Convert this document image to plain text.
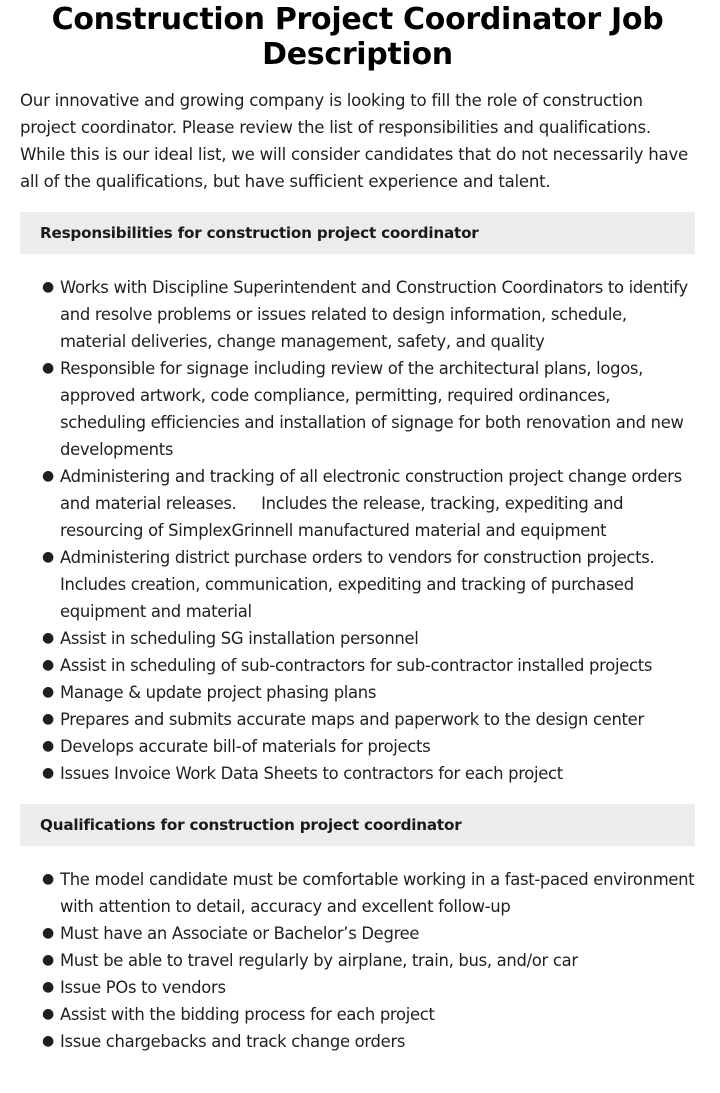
Construction Project Coordinator Job Description

Our innovative and growing company is looking to fill the role of construction project coordinator. Please review the list of responsibilities and qualifications. While this is our ideal list, we will consider candidates that do not necessarily have all of the qualifications, but have sufficient experience and talent.

Responsibilities for construction project coordinator
● Works with Discipline Superintendent and Construction Coordinators to identify and resolve problems or issues related to design information, schedule, material deliveries, change management, safety, and quality
● Responsible for signage including review of the architectural plans, logos, approved artwork, code compliance, permitting, required ordinances, scheduling efficiencies and installation of signage for both renovation and new developments
● Administering and tracking of all electronic construction project change orders and material releases.     Includes the release, tracking, expediting and resourcing of SimplexGrinnell manufactured material and equipment
● Administering district purchase orders to vendors for construction projects.  Includes creation, communication, expediting and tracking of purchased equipment and material
● Assist in scheduling SG installation personnel
● Assist in scheduling of sub-contractors for sub-contractor installed projects
● Manage & update project phasing plans
● Prepares and submits accurate maps and paperwork to the design center
● Develops accurate bill-of materials for projects
● Issues Invoice Work Data Sheets to contractors for each project
Qualifications for construction project coordinator
● The model candidate must be comfortable working in a fast-paced environment with attention to detail, accuracy and excellent follow-up
● Must have an Associate or Bachelor’s Degree
● Must be able to travel regularly by airplane, train, bus, and/or car
● Issue POs to vendors
● Assist with the bidding process for each project
● Issue chargebacks and track change orders
